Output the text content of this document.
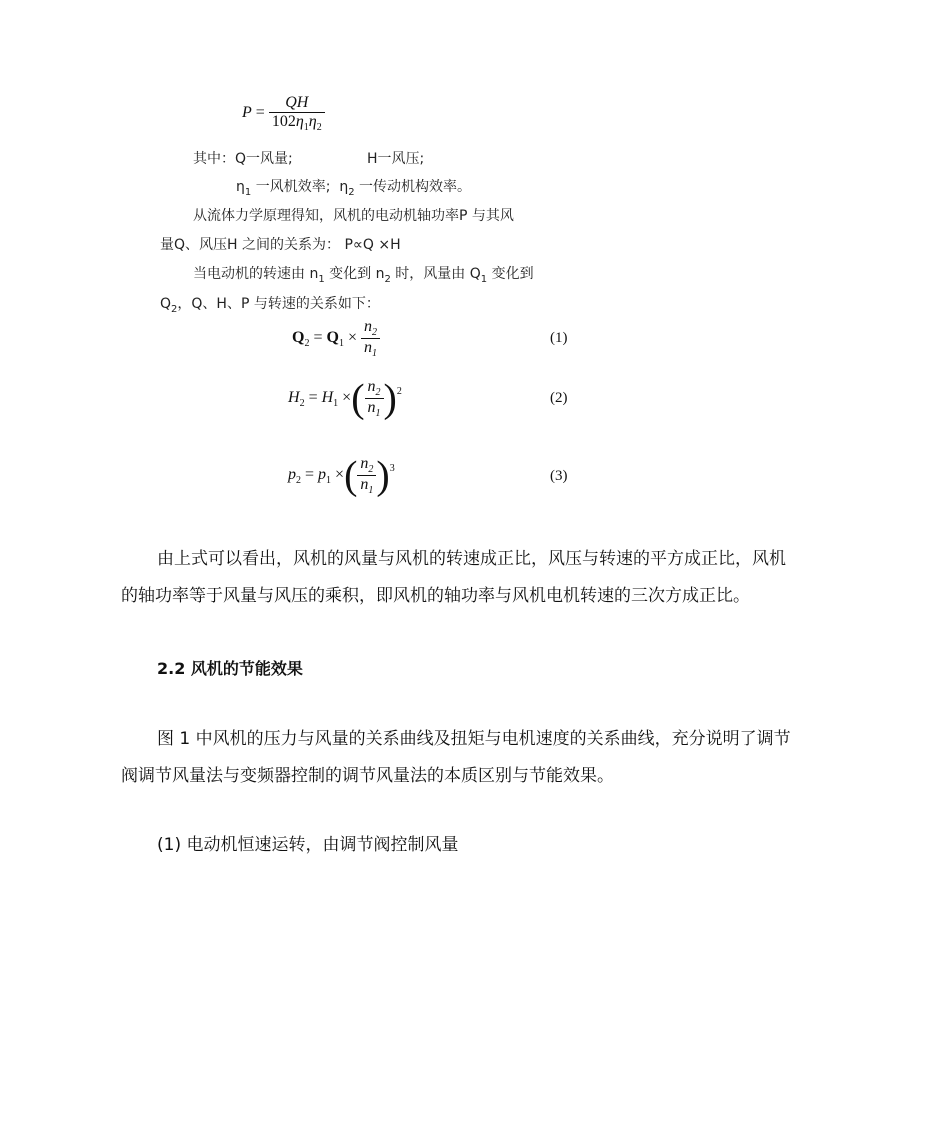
$P = \frac{QH}{102\eta_1\eta_2}$
其中：Q一风量;	H一风压;
$\eta_1$ 一风机效率; $\eta_2$ 一传动机构效率。
从流体力学原理得知，风机的电动机轴功率P 与其风
量Q、风压H 之间的关系为： P∝Q ×H
当电动机的转速由 $n_1$ 变化到 $n_2$ 时，风量由 $Q_1$ 变化到
$Q_2$，Q、H、P 与转速的关系如下：
$Q_2 = Q_1 \times \frac{n_2}{n_1}$	(1)
$H_2 = H_1$ ×( $\frac{n_2}{n_1} )^2$	(2)
$p_2 = p_1$ ×( $\frac{n_2}{n_1} )^3$	(3)
由上式可以看出，风机的风量与风机的转速成正比，风压与转速的平方成正比，风机
的轴功率等于风量与风压的乘积，即风机的轴功率与风机电机转速的三次方成正比。
2.2 风机的节能效果
图 1 中风机的压力与风量的关系曲线及扭矩与电机速度的关系曲线，充分说明了调节
阀调节风量法与变频器控制的调节风量法的本质区别与节能效果。
(1) 电动机恒速运转，由调节阀控制风量
